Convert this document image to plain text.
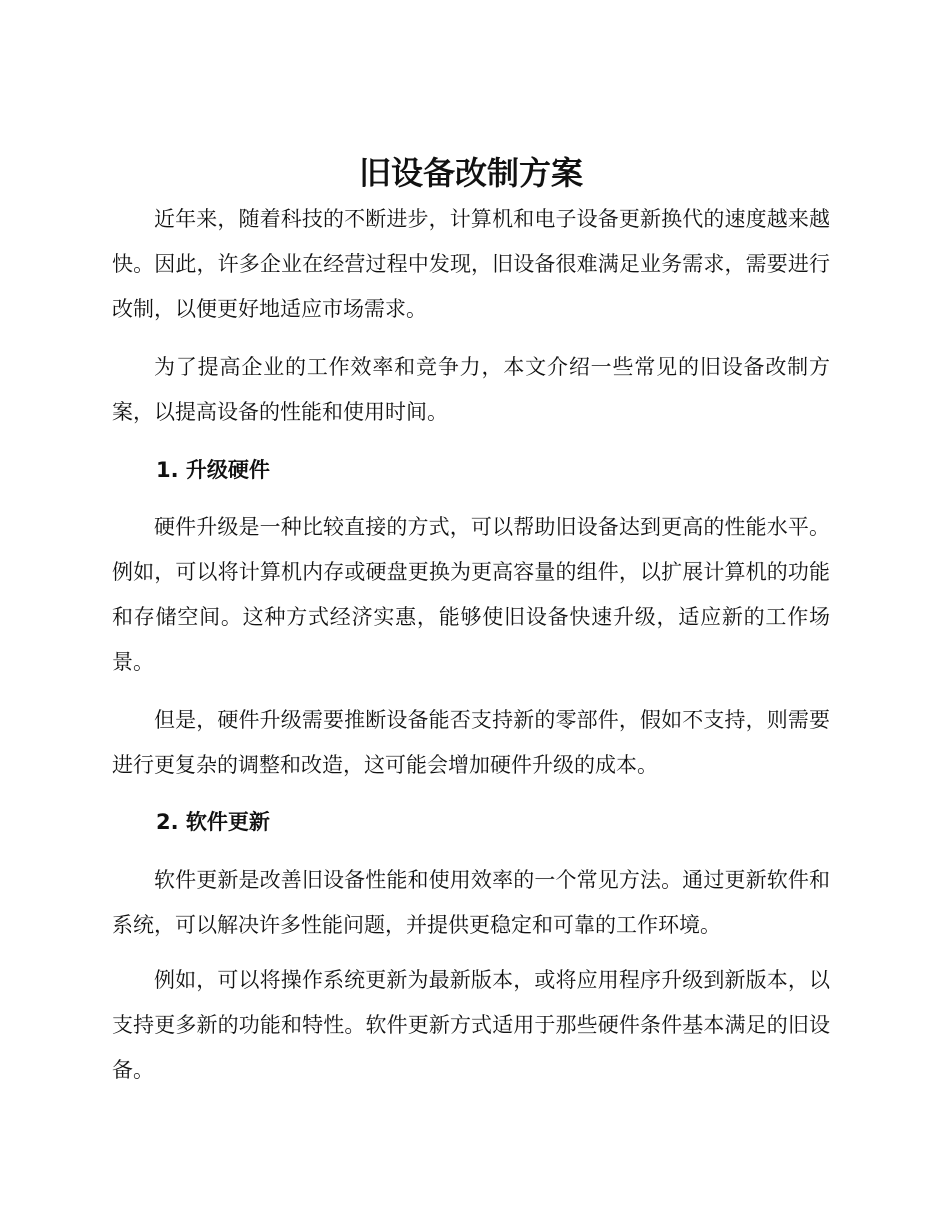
旧设备改制方案

近年来，随着科技的不断进步，计算机和电子设备更新换代的速度越来越快。因此，许多企业在经营过程中发现，旧设备很难满足业务需求，需要进行改制，以便更好地适应市场需求。

为了提高企业的工作效率和竞争力，本文介绍一些常见的旧设备改制方案，以提高设备的性能和使用时间。

1. 升级硬件

硬件升级是一种比较直接的方式，可以帮助旧设备达到更高的性能水平。例如，可以将计算机内存或硬盘更换为更高容量的组件，以扩展计算机的功能和存储空间。这种方式经济实惠，能够使旧设备快速升级，适应新的工作场景。

但是，硬件升级需要推断设备能否支持新的零部件，假如不支持，则需要进行更复杂的调整和改造，这可能会增加硬件升级的成本。

2. 软件更新

软件更新是改善旧设备性能和使用效率的一个常见方法。通过更新软件和系统，可以解决许多性能问题，并提供更稳定和可靠的工作环境。

例如，可以将操作系统更新为最新版本，或将应用程序升级到新版本，以支持更多新的功能和特性。软件更新方式适用于那些硬件条件基本满足的旧设备。
